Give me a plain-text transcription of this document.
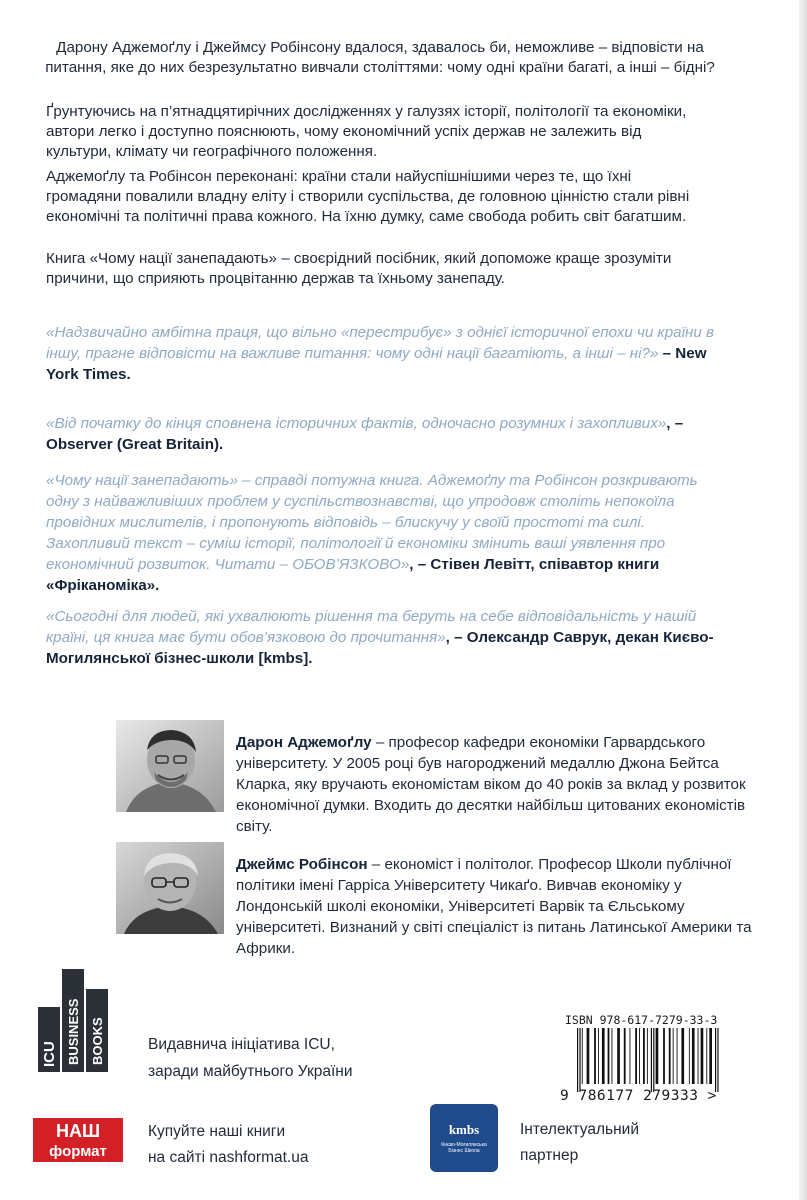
Дарону Аджемоґлу і Джеймсу Робінсону вдалося, здавалось би, неможливе – відповісти на питання, яке до них безрезультатно вивчали століттями: чому одні країни багаті, а інші – бідні?

Ґрунтуючись на п’ятнадцятирічних дослідженнях у галузях історії, політології та економіки, автори легко і доступно пояснюють, чому економічний успіх держав не залежить від культури, клімату чи географічного положення.

Аджемоґлу та Робінсон переконані: країни стали найуспішнішими через те, що їхні громадяни повалили владну еліту і створили суспільства, де головною цінністю стали рівні економічні та політичні права кожного. На їхню думку, саме свобода робить світ багатшим.

Книга «Чому нації занепадають» – своєрідний посібник, який допоможе краще зрозуміти причини, що сприяють процвітанню держав та їхньому занепаду.

«Надзвичайно амбітна праця, що вільно «перестрибує» з однієї історичної епохи чи країни в іншу, прагне відповісти на важливе питання: чому одні нації багатіють, а інші – ні?» – New York Times.

«Від початку до кінця сповнена історичних фактів, одночасно розумних і захопливих», – Observer (Great Britain).

«Чому нації занепадають» – справді потужна книга. Аджемоґлу та Робінсон розкривають одну з найважливіших проблем у суспільствознавстві, що упродовж століть непокоїла провідних мислителів, і пропонують відповідь – блискучу у своїй простоті та силі. Захопливий текст – суміш історії, політології й економіки змінить ваші уявлення про економічний розвиток. Читати – ОБОВ’ЯЗКОВО», – Стівен Левітт, співавтор книги «Фріканоміка».

«Сьогодні для людей, які ухвалюють рішення та беруть на себе відповідальність у нашій країні, ця книга має бути обов’язковою до прочитання», – Олександр Саврук, декан Києво-Могилянської бізнес-школи [kmbs].

Дарон Аджемоґлу – професор кафедри економіки Гарвардського університету. У 2005 році був нагороджений медаллю Джона Бейтса Кларка, яку вручають економістам віком до 40 років за вклад у розвиток економічної думки. Входить до десятки найбільш цитованих економістів світу.

Джеймс Робінсон – економіст і політолог. Професор Школи публічної політики імені Гарріса Університету Чикаґо. Вивчав економіку у Лондонській школі економіки, Університеті Варвік та Єльському університеті. Визнаний у світі спеціаліст із питань Латинської Америки та Африки.

ICU BUSINESS BOOKS	Видавнича ініціатива ICU,
заради майбутнього України

НАШ
формат

Купуйте наші книги
на сайті nashformat.ua

kmbs
Києво-Могилянська Бізнес Школа

Інтелектуальний
партнер

ISBN 978-617-7279-33-3
9 786177 279333 >
